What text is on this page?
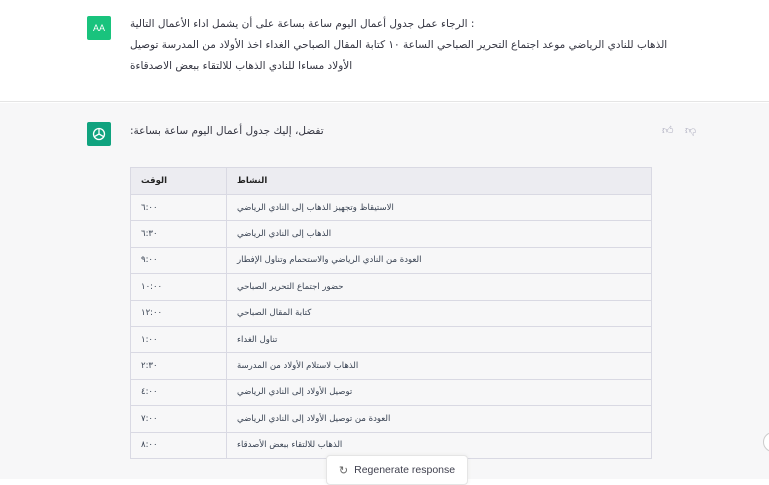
AA	: الرجاء عمل جدول أعمال اليوم ساعة بساعة على أن يشمل اداء الأعمال التالية
الذهاب للنادي الرياضي موعد اجتماع التحرير الصباحي الساعة ١٠ كتابة المقال الصباحي الغداء اخذ الأولاد من المدرسة توصيل
الأولاد مساءا للنادي الذهاب للالتقاء ببعض الاصدقاءة
تفضل، إليك جدول أعمال اليوم ساعة بساعة:	👍︎ 👎︎
الوقت	النشاط
٦:٠٠	الاستيقاظ وتجهيز الذهاب إلى النادي الرياضي
٦:٣٠	الذهاب إلى النادي الرياضي
٩:٠٠	العودة من النادي الرياضي والاستحمام وتناول الإفطار
١٠:٠٠	حضور اجتماع التحرير الصباحي
١٢:٠٠	كتابة المقال الصباحي
١:٠٠	تناول الغداء
٢:٣٠	الذهاب لاستلام الأولاد من المدرسة
٤:٠٠	توصيل الأولاد إلى النادي الرياضي
٧:٠٠	العودة من توصيل الأولاد إلى النادي الرياضي
٨:٠٠	الذهاب للالتقاء ببعض الأصدقاء
↻ Regenerate response
